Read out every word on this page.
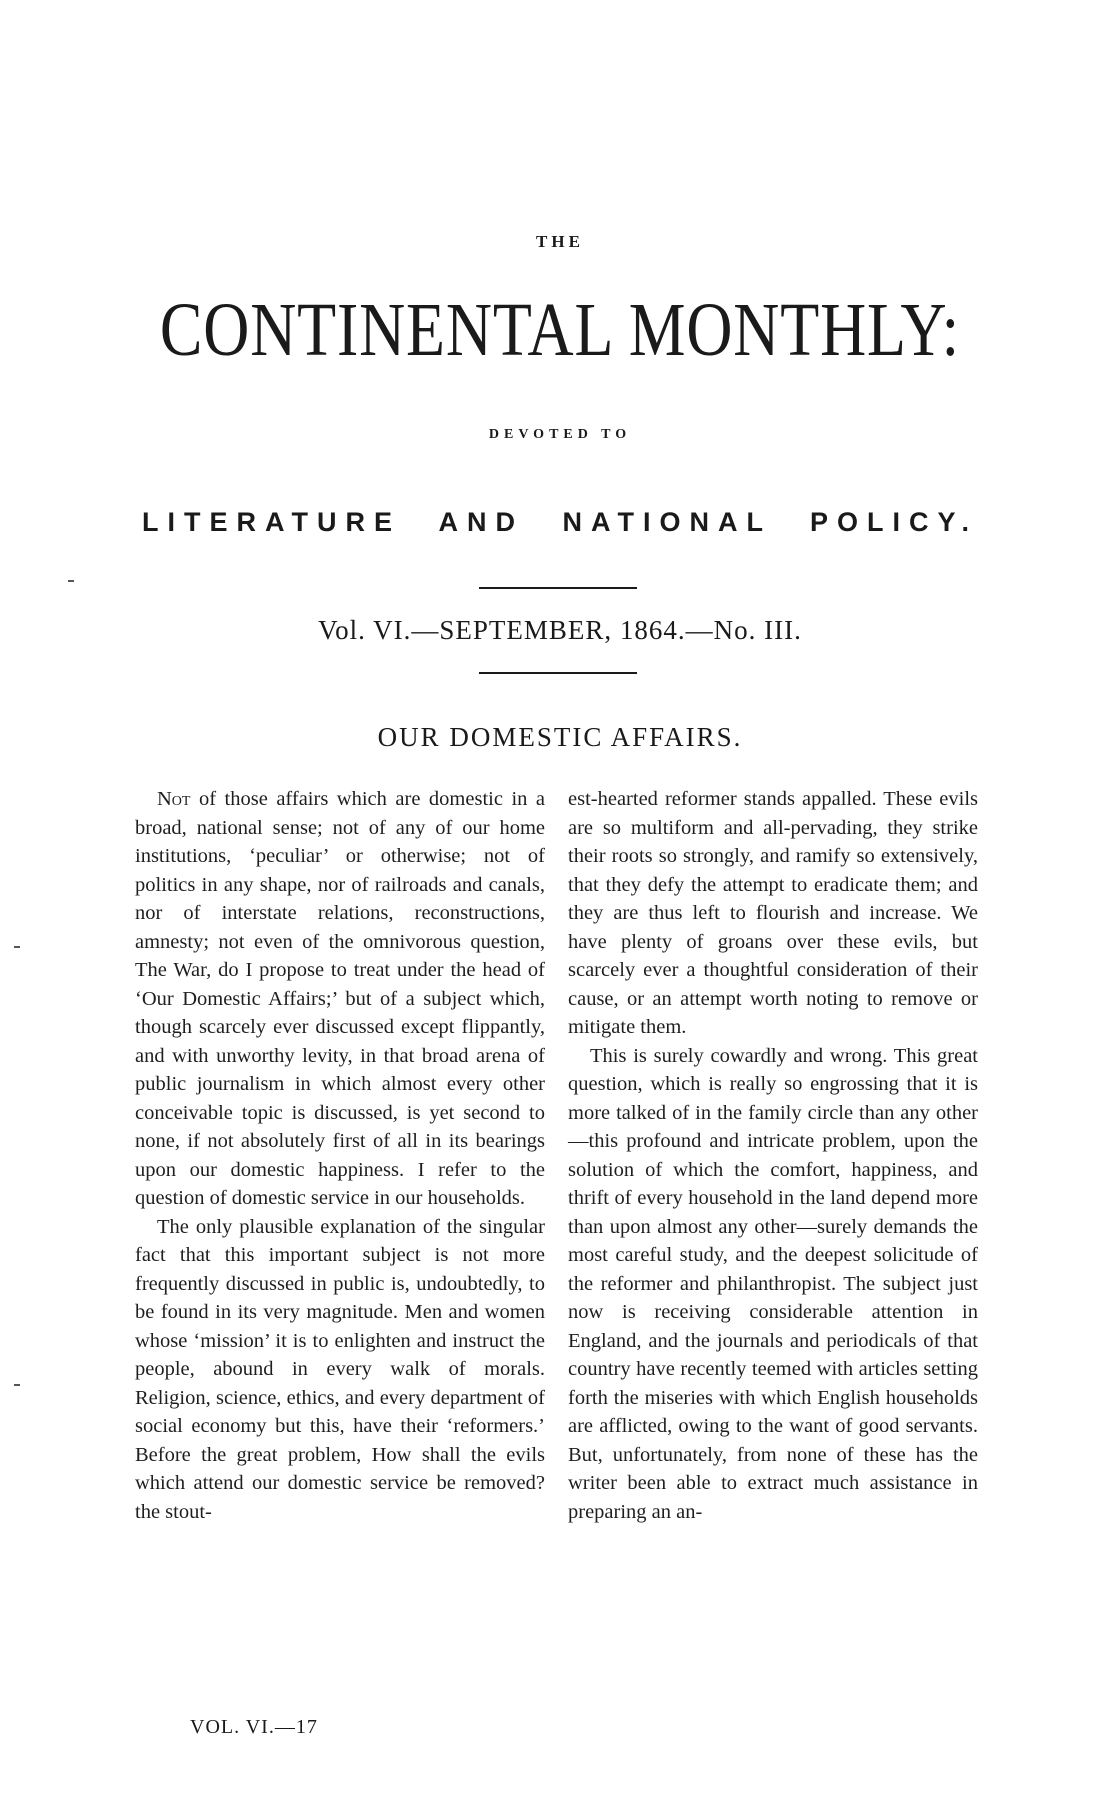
THE
CONTINENTAL MONTHLY:
DEVOTED TO
LITERATURE AND NATIONAL POLICY.
Vol. VI.—SEPTEMBER, 1864.—No. III.
OUR DOMESTIC AFFAIRS.

Not of those affairs which are domestic in a broad, national sense; not of any of our home institutions, ‘peculiar’ or otherwise; not of politics in any shape, nor of railroads and canals, nor of interstate relations, reconstructions, amnesty; not even of the omnivorous question, The War, do I propose to treat under the head of ‘Our Domestic Affairs;’ but of a subject which, though scarcely ever discussed except flippantly, and with unworthy levity, in that broad arena of public journalism in which almost every other conceivable topic is discussed, is yet second to none, if not absolutely first of all in its bearings upon our domestic happiness. I refer to the question of domestic service in our households.

The only plausible explanation of the singular fact that this important subject is not more frequently discussed in public is, undoubtedly, to be found in its very magnitude. Men and women whose ‘mission’ it is to enlighten and instruct the people, abound in every walk of morals. Religion, science, ethics, and every department of social economy but this, have their ‘reformers.’ Before the great problem, How shall the evils which attend our domestic service be removed? the stout-

est-hearted reformer stands appalled. These evils are so multiform and all-pervading, they strike their roots so strongly, and ramify so extensively, that they defy the attempt to eradicate them; and they are thus left to flourish and increase. We have plenty of groans over these evils, but scarcely ever a thoughtful consideration of their cause, or an attempt worth noting to remove or mitigate them.

This is surely cowardly and wrong. This great question, which is really so engrossing that it is more talked of in the family circle than any other—this profound and intricate problem, upon the solution of which the comfort, happiness, and thrift of every household in the land depend more than upon almost any other—surely demands the most careful study, and the deepest solicitude of the reformer and philanthropist. The subject just now is receiving considerable attention in England, and the journals and periodicals of that country have recently teemed with articles setting forth the miseries with which English households are afflicted, owing to the want of good servants. But, unfortunately, from none of these has the writer been able to extract much assistance in preparing an an-

VOL. VI.—17
